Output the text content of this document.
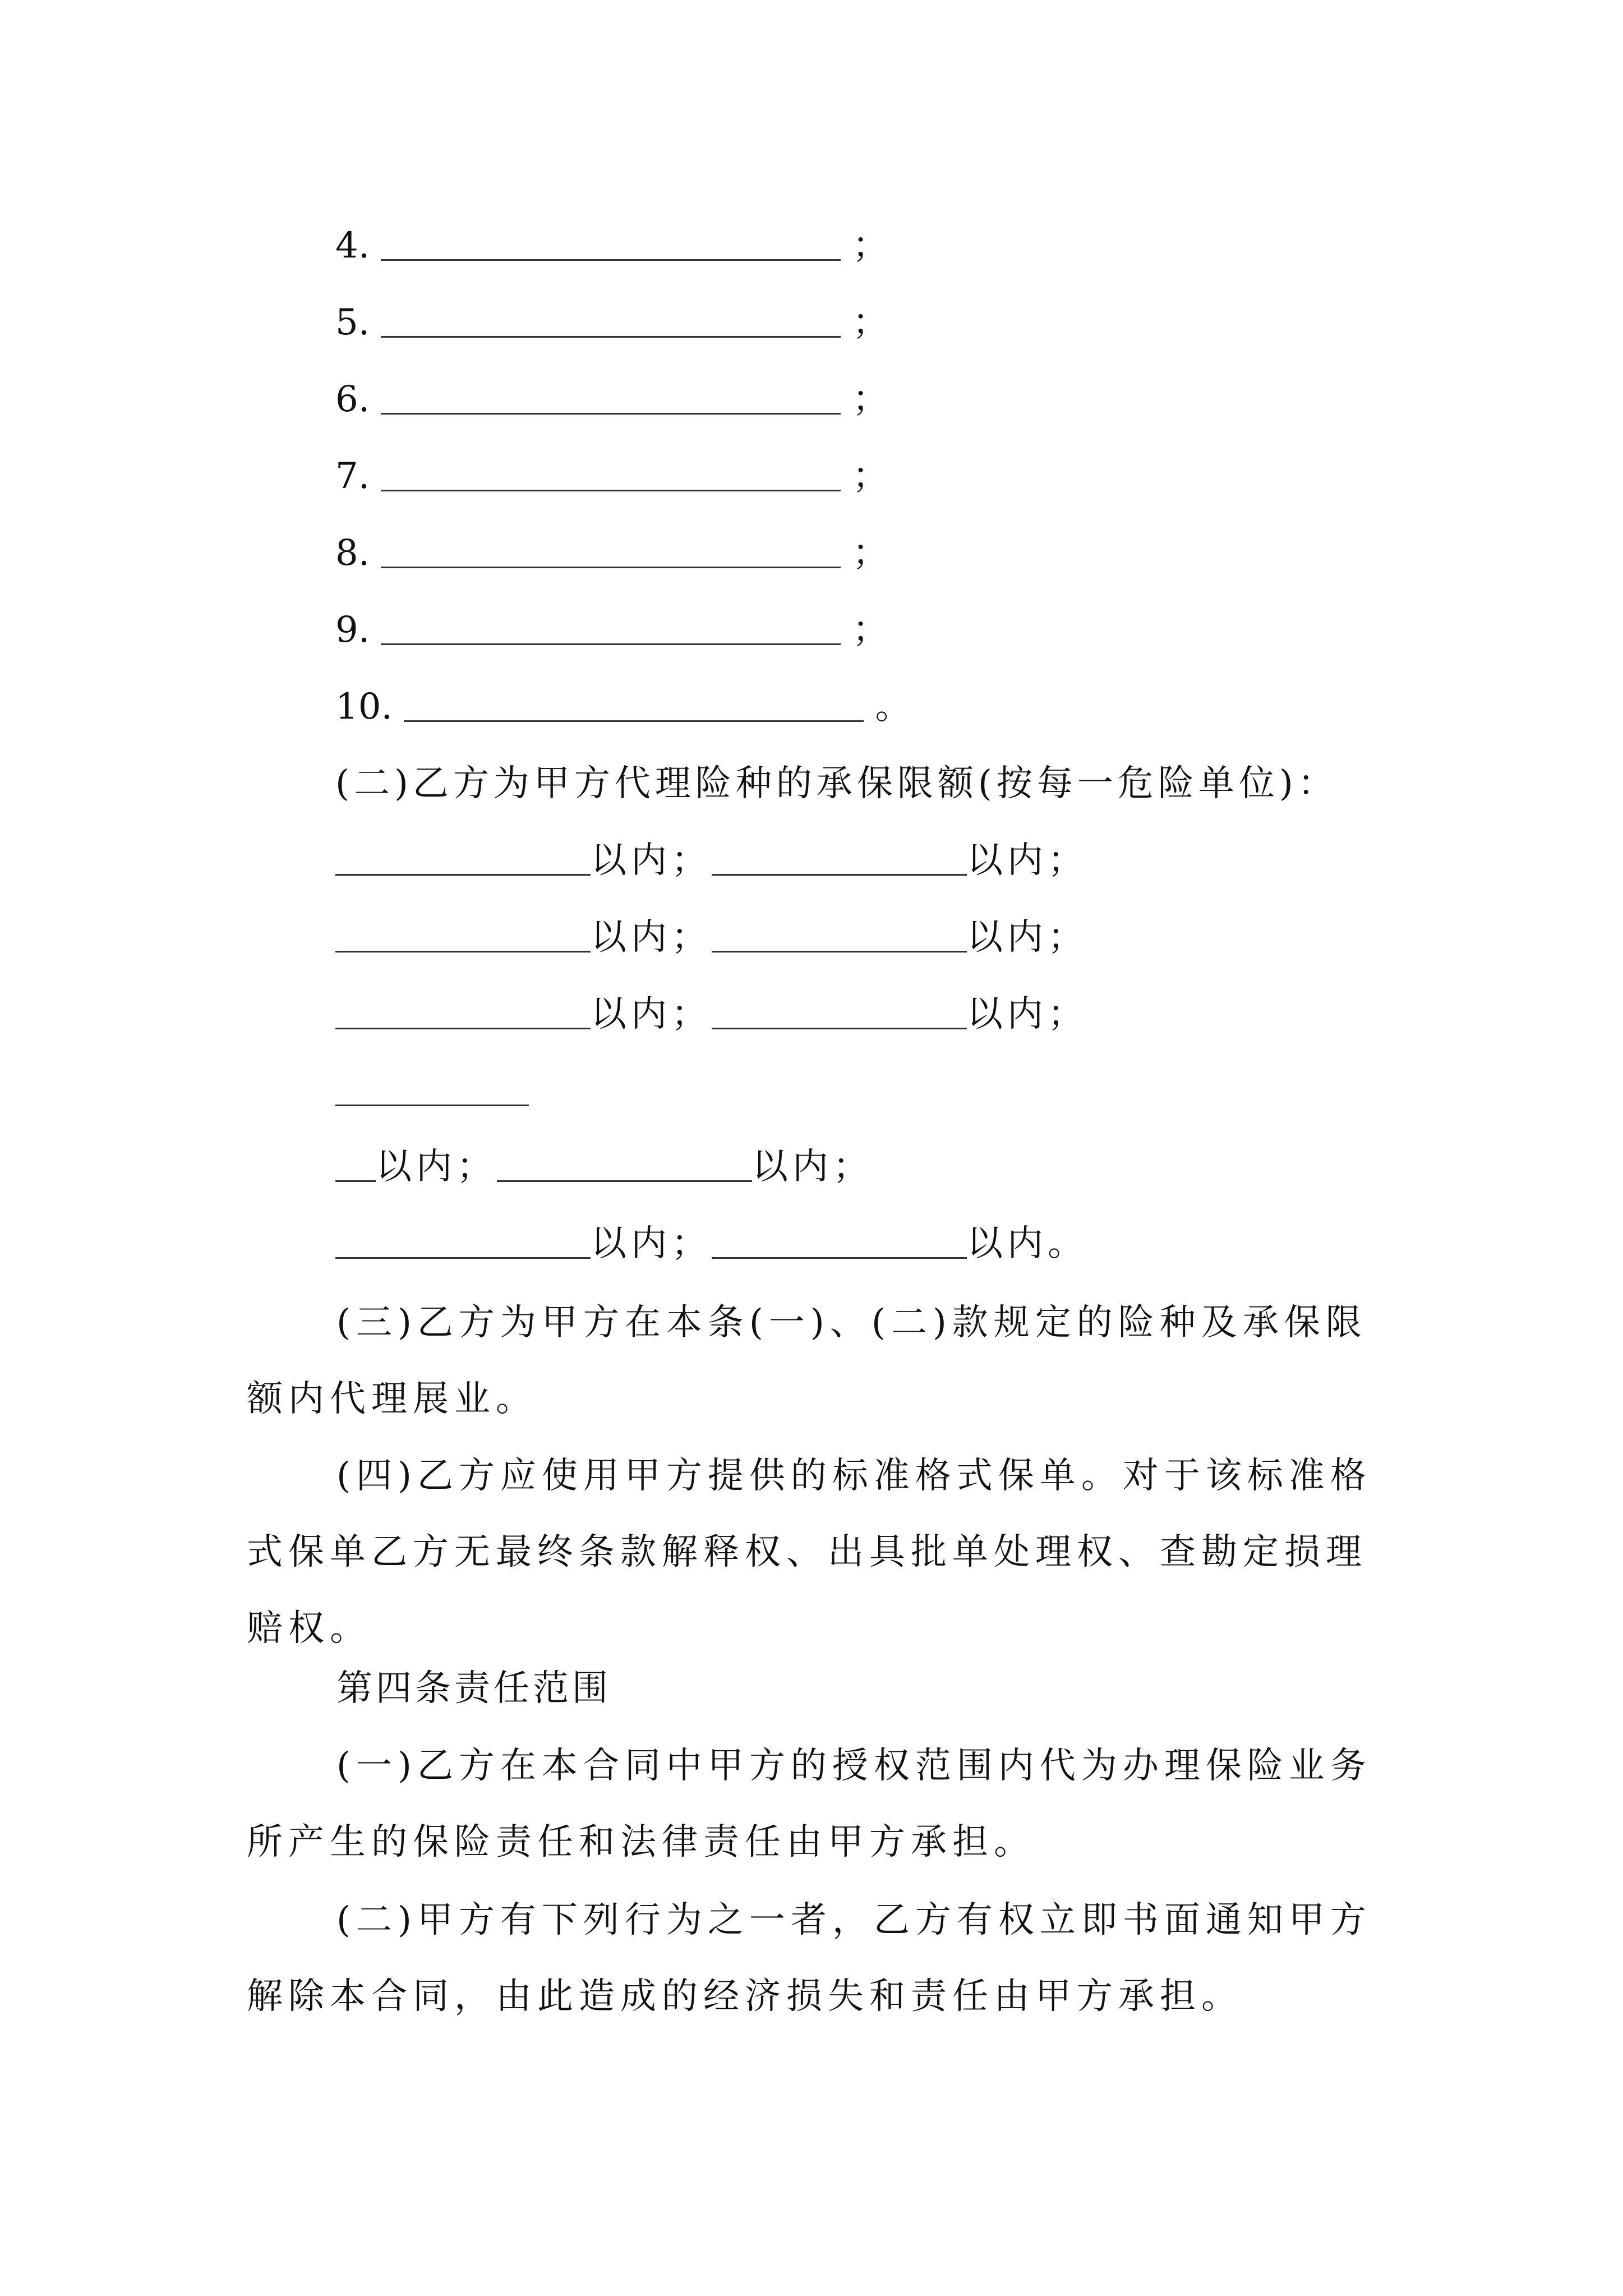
4.	；
5.	；
6.	；
7.	；
8.	；
9.	；
10.	。
(二)乙方为甲方代理险种的承保限额(按每一危险单位)：
以内；	以内；
以内；	以内；
以内；	以内；
以内；	以内；
以内；	以内。
(三)乙方为甲方在本条(一)、(二)款规定的险种及承保限额内代理展业。
(四)乙方应使用甲方提供的标准格式保单。对于该标准格式保单乙方无最终条款解释权、出具批单处理权、查勘定损理赔权。
第四条责任范围
(一)乙方在本合同中甲方的授权范围内代为办理保险业务所产生的保险责任和法律责任由甲方承担。
(二)甲方有下列行为之一者，乙方有权立即书面通知甲方解除本合同，由此造成的经济损失和责任由甲方承担。
